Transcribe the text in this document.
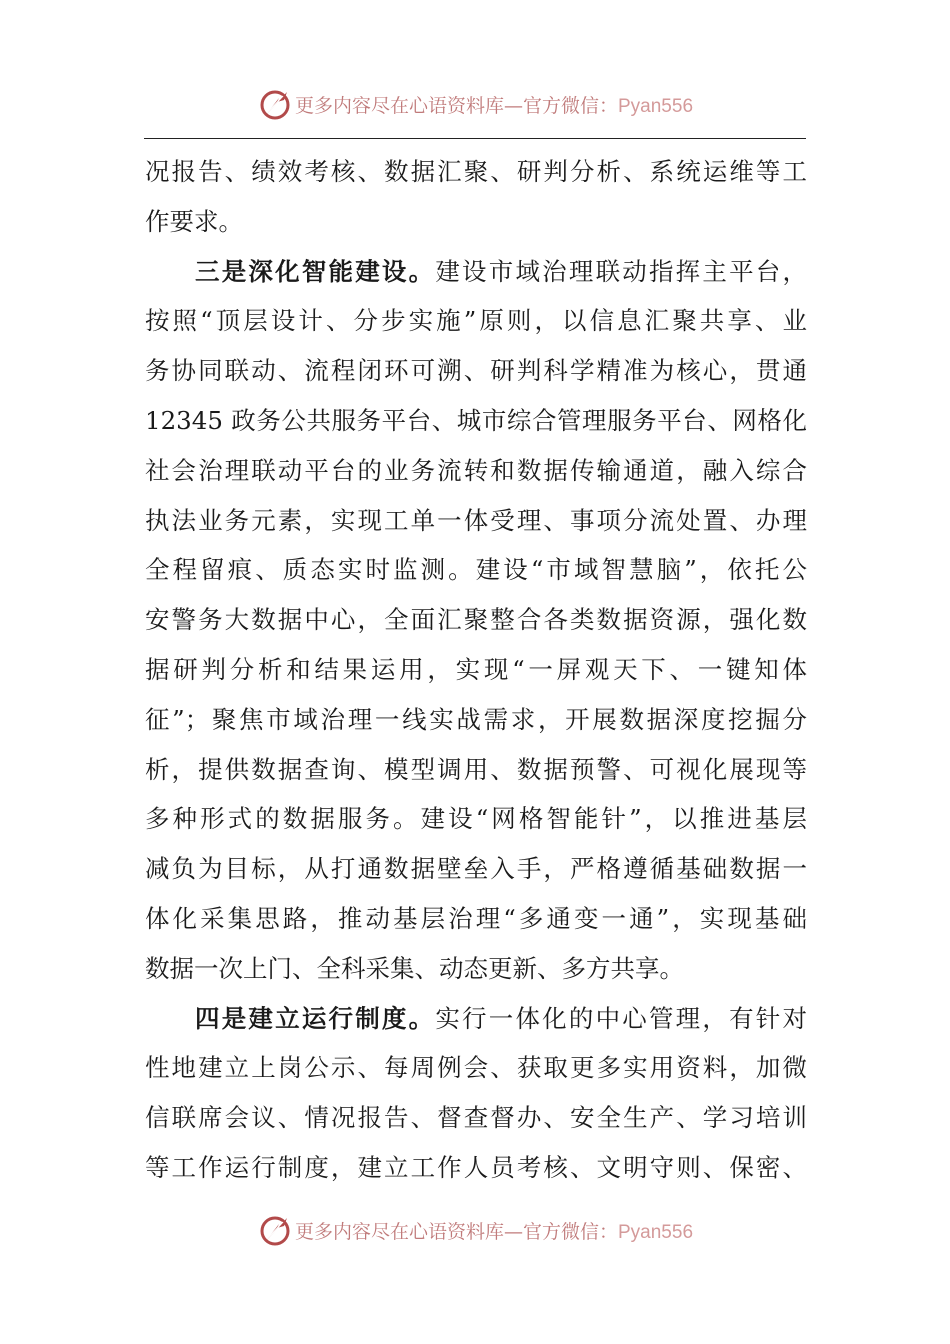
更多内容尽在心语资料库—官方微信：Pyan556
况报告、绩效考核、数据汇聚、研判分析、系统运维等工
作要求。
三是深化智能建设。建设市域治理联动指挥主平台，
按照“顶层设计、分步实施”原则，以信息汇聚共享、业
务协同联动、流程闭环可溯、研判科学精准为核心，贯通
12345 政务公共服务平台、城市综合管理服务平台、网格化
社会治理联动平台的业务流转和数据传输通道，融入综合
执法业务元素，实现工单一体受理、事项分流处置、办理
全程留痕、质态实时监测。建设“市域智慧脑”，依托公
安警务大数据中心，全面汇聚整合各类数据资源，强化数
据研判分析和结果运用，实现“一屏观天下、一键知体
征”；聚焦市域治理一线实战需求，开展数据深度挖掘分
析，提供数据查询、模型调用、数据预警、可视化展现等
多种形式的数据服务。建设“网格智能针”，以推进基层
减负为目标，从打通数据壁垒入手，严格遵循基础数据一
体化采集思路，推动基层治理“多通变一通”，实现基础
数据一次上门、全科采集、动态更新、多方共享。
四是建立运行制度。实行一体化的中心管理，有针对
性地建立上岗公示、每周例会、获取更多实用资料，加微
信联席会议、情况报告、督查督办、安全生产、学习培训
等工作运行制度，建立工作人员考核、文明守则、保密、
更多内容尽在心语资料库—官方微信：Pyan556
